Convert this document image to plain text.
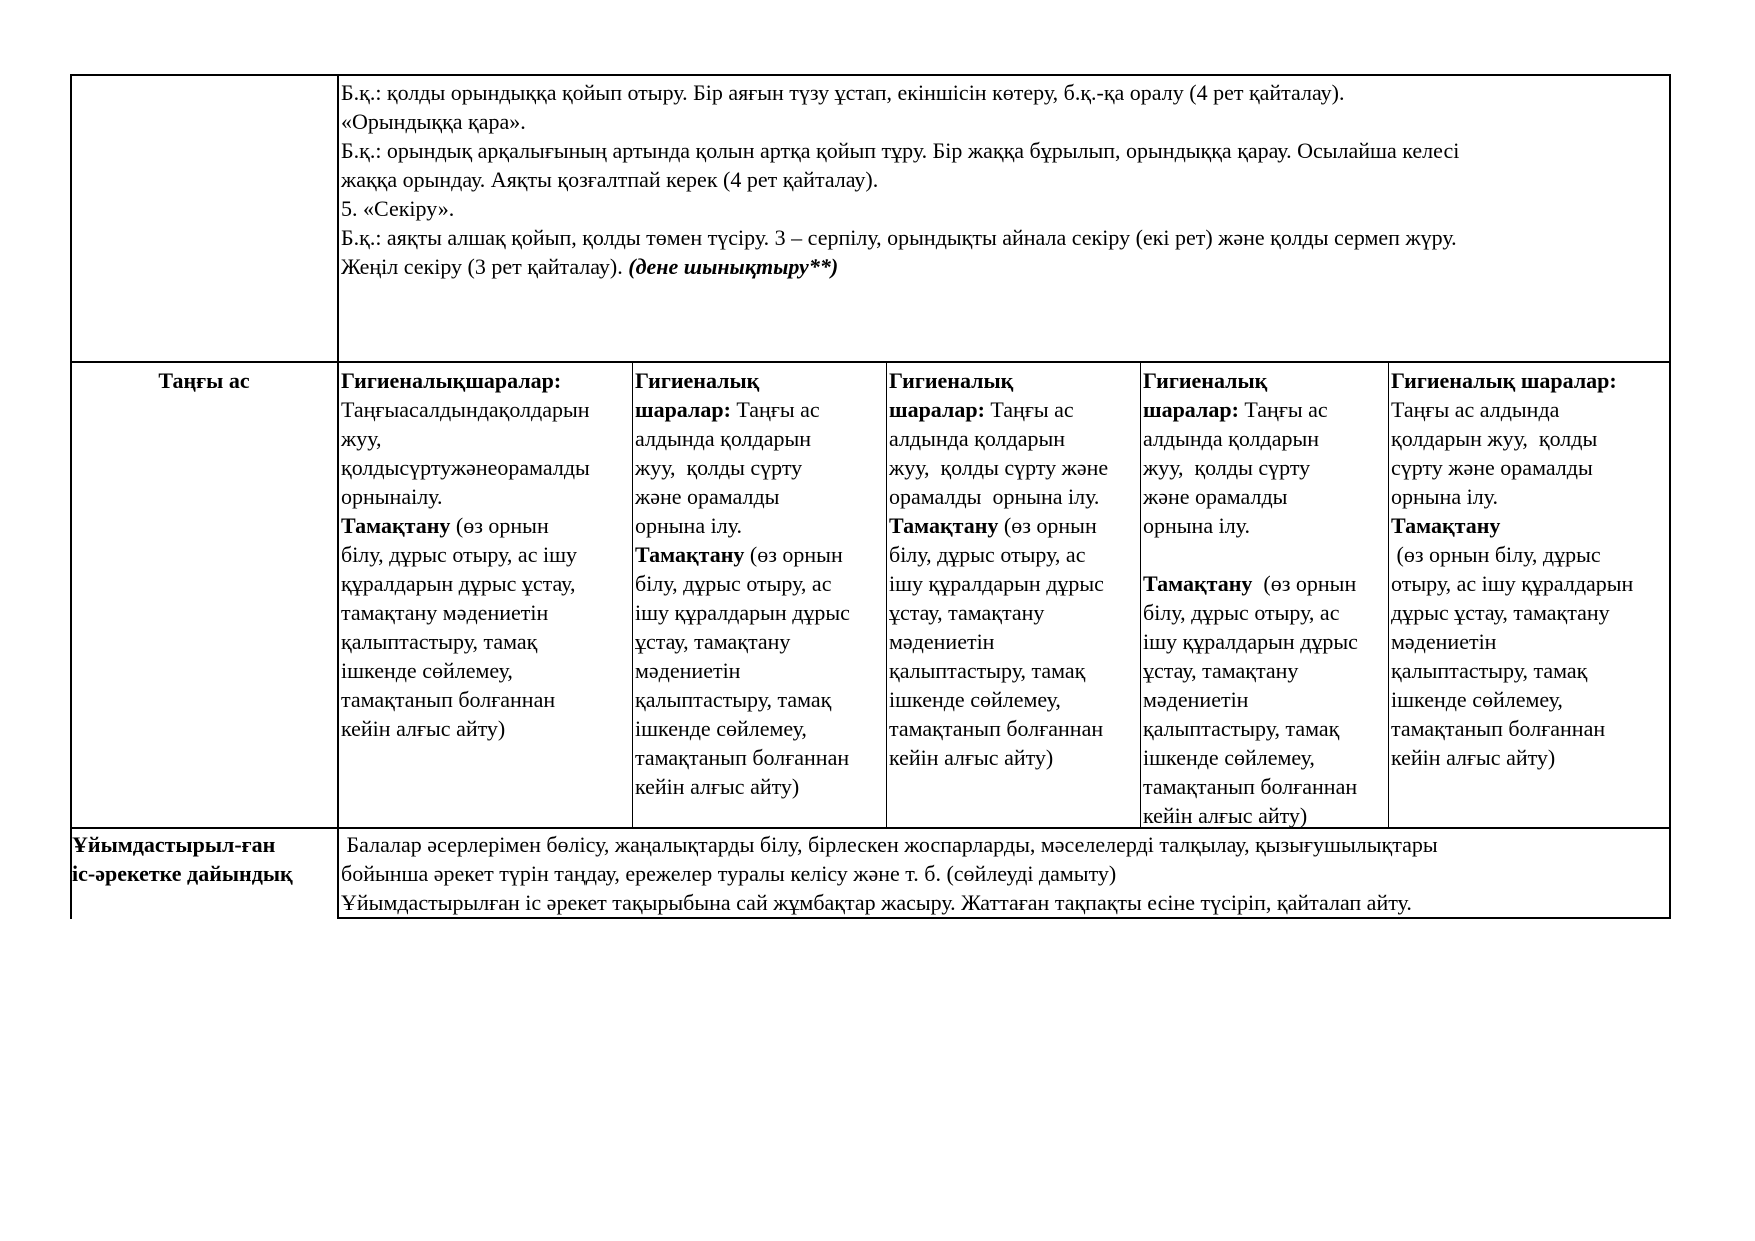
Б.қ.: қолды орындыққа қойып отыру. Бір аяғын түзу ұстап, екіншісін көтеру, б.қ.-қа оралу (4 рет қайталау).
«Орындыққа қара».
Б.қ.: орындық арқалығының артында қолын артқа қойып тұру. Бір жаққа бұрылып, орындыққа қарау. Осылайша келесі
жаққа орындау. Аяқты қозғалтпай керек (4 рет қайталау).
5. «Секіру».
Б.қ.: аяқты алшақ қойып, қолды төмен түсіру. 3 – серпілу, орындықты айнала секіру (екі рет) және қолды сермеп жүру.
Жеңіл секіру (3 рет қайталау). (дене шынықтыру**)
Таңғы ас	Гигиеналықшаралар:
Таңғыасалдындақолдарын
жуу,
қолдысүртужәнеорамалды
орнынаілу.
Тамақтану (өз орнын
білу, дұрыс отыру, ас ішу
құралдарын дұрыс ұстау,
тамақтану мәдениетін
қалыптастыру, тамақ
ішкенде сөйлемеу,
тамақтанып болғаннан
кейін алғыс айту)
Гигиеналық
шаралар: Таңғы ас
алдында қолдарын
жуу,  қолды сүрту
және орамалды
орнына ілу.
Тамақтану (өз орнын
білу, дұрыс отыру, ас
ішу құралдарын дұрыс
ұстау, тамақтану
мәдениетін
қалыптастыру, тамақ
ішкенде сөйлемеу,
тамақтанып болғаннан
кейін алғыс айту)
Гигиеналық
шаралар: Таңғы ас
алдында қолдарын
жуу,  қолды сүрту және
орамалды  орнына ілу.
Тамақтану (өз орнын
білу, дұрыс отыру, ас
ішу құралдарын дұрыс
ұстау, тамақтану
мәдениетін
қалыптастыру, тамақ
ішкенде сөйлемеу,
тамақтанып болғаннан
кейін алғыс айту)
Гигиеналық
шаралар: Таңғы ас
алдында қолдарын
жуу,  қолды сүрту
және орамалды
орнына ілу.
Тамақтану  (өз орнын
білу, дұрыс отыру, ас
ішу құралдарын дұрыс
ұстау, тамақтану
мәдениетін
қалыптастыру, тамақ
ішкенде сөйлемеу,
тамақтанып болғаннан
кейін алғыс айту)
Гигиеналық шаралар:
Таңғы ас алдында
қолдарын жуу,  қолды
сүрту және орамалды
орнына ілу.
Тамақтану
(өз орнын білу, дұрыс
отыру, ас ішу құралдарын
дұрыс ұстау, тамақтану
мәдениетін
қалыптастыру, тамақ
ішкенде сөйлемеу,
тамақтанып болғаннан
кейін алғыс айту)
Ұйымдастырыл-ған
іс-әрекетке дайындық
Балалар әсерлерімен бөлісу, жаңалықтарды білу, бірлескен жоспарларды, мәселелерді талқылау, қызығушылықтары
бойынша әрекет түрін таңдау, ережелер туралы келісу және т. б. (сөйлеуді дамыту)
Ұйымдастырылған іс әрекет тақырыбына сай жұмбақтар жасыру. Жаттаған тақпақты есіне түсіріп, қайталап айту.
